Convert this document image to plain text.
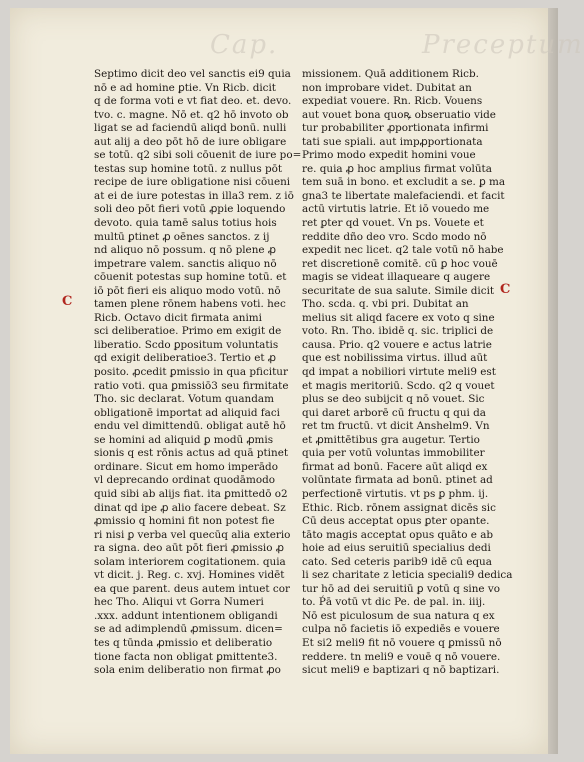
Cap.	Preceptum
Septimo dicit deo vel sanctis ei9 quia
nō e ad homine ꝑtie. Vn Ricb. dicit
q de forma voti e vt fiat deo. et. devo.
tvo. c. magne. Nō et. q2 hō invoto ob
ligat se ad faciendū aliqd bonū. nulli
aut alij a deo pōt hō de iure obligare
se totū. q2 sibi soli cōuenit de iure po=
testas sup homine totū. z nullus pōt
recipe de iure obligatione nisi cōueni
at ei de iure potestas in illa3 rem. z iō
soli deo pōt fieri votū ꝓpie loquendo
devoto. quia tamē salus totius hois
multū ꝑtinet ꝓ oēnes sanctos. z ij
nd aliquo nō possum. q nō plene ꝓ
impetrare valem. sanctis aliquo nō
cōuenit potestas sup homine totū. et
iō pōt fieri eis aliquo modo votū. nō
tamen plene rōnem habens voti. hec
Ricb. Octavo dicit firmata animi
sci deliberatioe. Primo em exigit de
liberatio. Scdo ꝑpositum voluntatis
qd exigit deliberatioe3. Tertio et ꝓ
posito. ꝓcedit ꝑmissio in qua pficitur
ratio voti. qua ꝑmissiō3 seu firmitate
Tho. sic declarat. Votum quandam
obligationē importat ad aliquid faci
endu vel dimittendū. obligat autē hō
se homini ad aliquid ꝑ modū ꝓmis
sionis q est rōnis actus ad quā ptinet
ordinare. Sicut em homo imperādo
vl deprecando ordinat quodāmodo
quid sibi ab alijs fiat. ita ꝑmittedō o2
dinat qd ipe ꝓ alio facere debeat. Sz
ꝓmissio q homini fit non potest fie
ri nisi ꝑ verba vel quecūq alia exterio
ra signa. deo aūt pōt fieri ꝓmissio ꝓ
solam interiorem cogitationem. quia
vt dicit. j. Reg. c. xvj. Homines vidēt
ea que parent. deus autem intuet cor
hec Tho. Aliqui vt Gorra Numeri
.xxx. addunt intentionem obligandi
se ad adimplendū ꝓmissum. dicen=
tes q tūnda ꝓmissio et deliberatio
tione facta non obligat ꝑmittente3.
sola enim deliberatio non firmat ꝓo
missionem. Quā additionem Ricb.
non improbare videt. Dubitat an
expediat vouere. Rn. Ricb. Vouens
aut vouet bona quoꝶ obseruatio vide
tur probabiliter ꝓportionata infirmi
tati sue spiali. aut impꝓportionata
Primo modo expedit homini voue
re. quia ꝓ hoc amplius firmat volūta
tem suā in bono. et excludit a se. ꝑ ma
gna3 te libertate malefaciendi. et facit
actū virtutis latrie. Et iō vouedo me
ret ꝑter qd vouet. Vn ps. Vouete et
reddite dño deo vro. Scdo modo nō
expedit nec licet. q2 tale votū nō habe
ret discretionē comitē. cū ꝑ hoc vouē
magis se videat illaqueare q augere
securitate de sua salute. Simile dicit
Tho. scda. q. vbi pri. Dubitat an
melius sit aliqd facere ex voto q sine
voto. Rn. Tho. ibidē q. sic. triplici de
causa. Prio. q2 vouere e actus latrie
que est nobilissima virtus. illud aūt
qd impat a nobiliori virtute meli9 est
et magis meritoriū. Scdo. q2 q vouet
plus se deo subijcit q nō vouet. Sic
qui daret arborē cū fructu q qui da
ret tm fructū. vt dicit Anshelm9. Vn
et ꝓmittētibus gra augetur. Tertio
quia per votū voluntas immobiliter
firmat ad bonū. Facere aūt aliqd ex
volūntate firmata ad bonū. ptinet ad
perfectionē virtutis. vt ps ꝑ phm. ij.
Ethic. Ricb. rōnem assignat dicēs sic
Cū deus acceptat opus ꝑter opante.
tāto magis acceptat opus quāto e ab
hoie ad eius seruitiū specialius dedi
cato. Sed ceteris parib9 idē cū equa
li sez charitate z leticia speciali9 dedica
tur hō ad dei seruitiū ꝑ votū q sine vo
to. Ṕā votū vt dic Pe. de pal. in. iiij.
Nō est piculosum de sua natura q ex
culpa nō facietis iō expediēs e vouere
Et si2 meli9 fit nō vouere q ꝑmissū nō
reddere. tn meli9 e vouē q nō vouere.
sicut meli9 e baptizari q nō baptizari.
C
C
